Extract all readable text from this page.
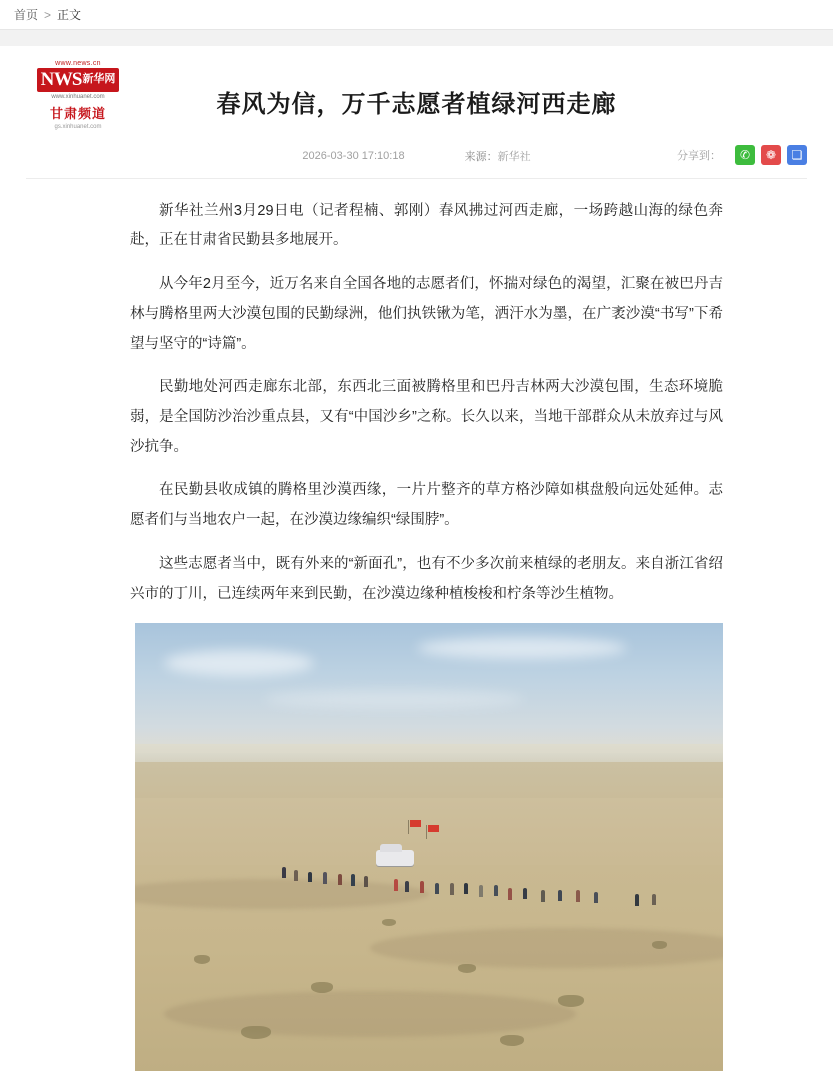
首页 > 正文
www.news.cn
N WS新华网
www.xinhuanet.com
甘肃频道
gs.xinhuanet.com
春风为信，万千志愿者植绿河西走廊
2026-03-30 17:10:18	来源：新华社	分享到：	✆	❁	❏

新华社兰州3月29日电（记者程楠、郭刚）春风拂过河西走廊，一场跨越山海的绿色奔赴，正在甘肃省民勤县多地展开。

从今年2月至今，近万名来自全国各地的志愿者们，怀揣对绿色的渴望，汇聚在被巴丹吉林与腾格里两大沙漠包围的民勤绿洲，他们执铁锹为笔，洒汗水为墨，在广袤沙漠“书写”下希望与坚守的“诗篇”。

民勤地处河西走廊东北部，东西北三面被腾格里和巴丹吉林两大沙漠包围，生态环境脆弱，是全国防沙治沙重点县，又有“中国沙乡”之称。长久以来，当地干部群众从未放弃过与风沙抗争。

在民勤县收成镇的腾格里沙漠西缘，一片片整齐的草方格沙障如棋盘般向远处延伸。志愿者们与当地农户一起，在沙漠边缘编织“绿围脖”。

这些志愿者当中，既有外来的“新面孔”，也有不少多次前来植绿的老朋友。来自浙江省绍兴市的丁川，已连续两年来到民勤，在沙漠边缘种植梭梭和柠条等沙生植物。
